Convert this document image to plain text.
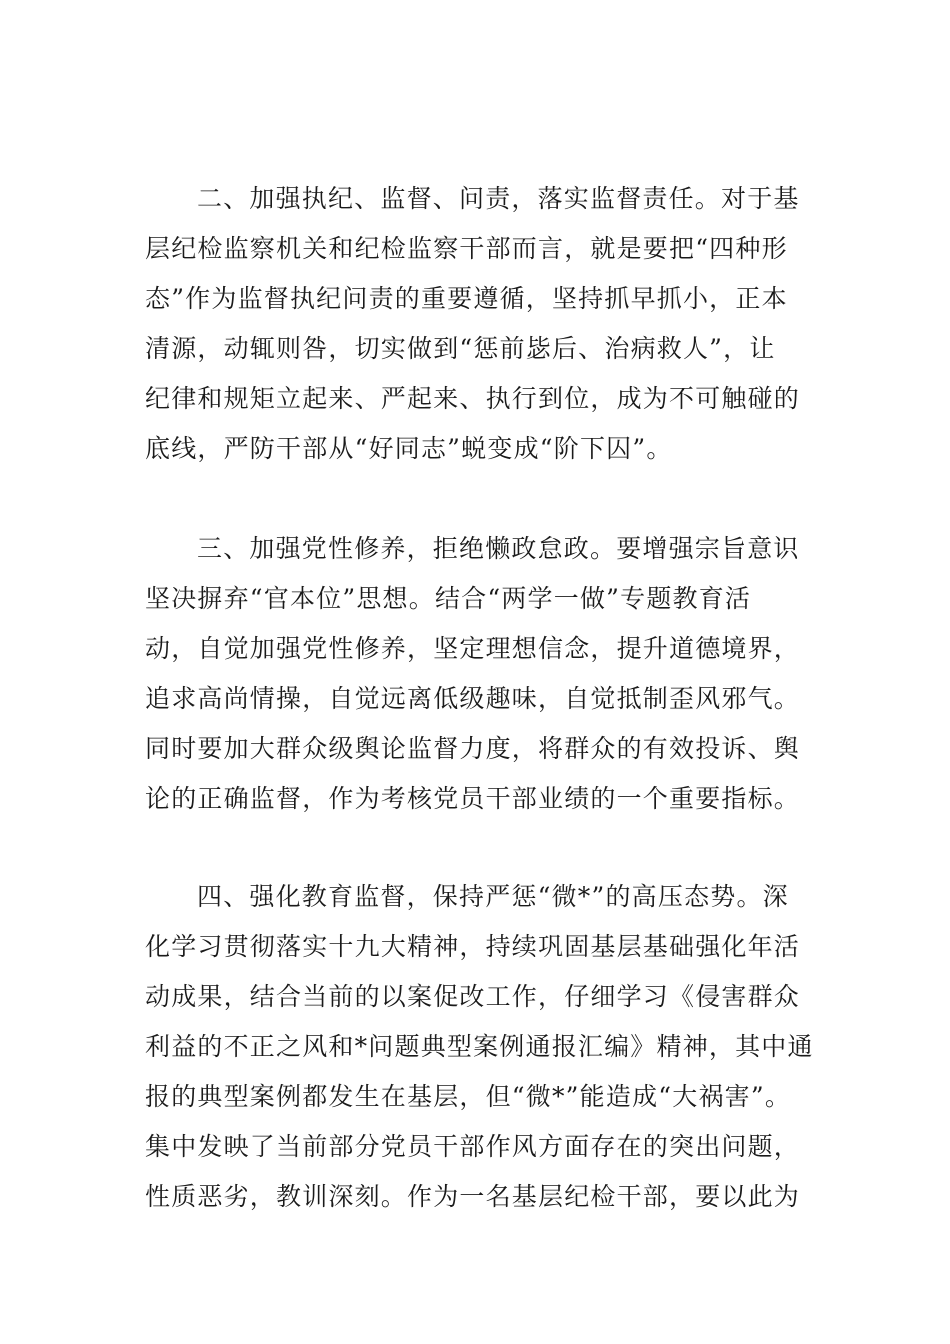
二、加强执纪、监督、问责，落实监督责任。对于基
层纪检监察机关和纪检监察干部而言，就是要把“四种形
态”作为监督执纪问责的重要遵循，坚持抓早抓小，正本
清源，动辄则咎，切实做到“惩前毖后、治病救人”，让
纪律和规矩立起来、严起来、执行到位，成为不可触碰的
底线，严防干部从“好同志”蜕变成“阶下囚”。
三、加强党性修养，拒绝懒政怠政。要增强宗旨意识
坚决摒弃“官本位”思想。结合“两学一做”专题教育活
动，自觉加强党性修养，坚定理想信念，提升道德境界，
追求高尚情操，自觉远离低级趣味，自觉抵制歪风邪气。
同时要加大群众级舆论监督力度，将群众的有效投诉、舆
论的正确监督，作为考核党员干部业绩的一个重要指标。
四、强化教育监督，保持严惩“微*”的高压态势。深
化学习贯彻落实十九大精神，持续巩固基层基础强化年活
动成果，结合当前的以案促改工作，仔细学习《侵害群众
利益的不正之风和*问题典型案例通报汇编》精神，其中通
报的典型案例都发生在基层，但“微*”能造成“大祸害”。
集中发映了当前部分党员干部作风方面存在的突出问题，
性质恶劣，教训深刻。作为一名基层纪检干部，要以此为
